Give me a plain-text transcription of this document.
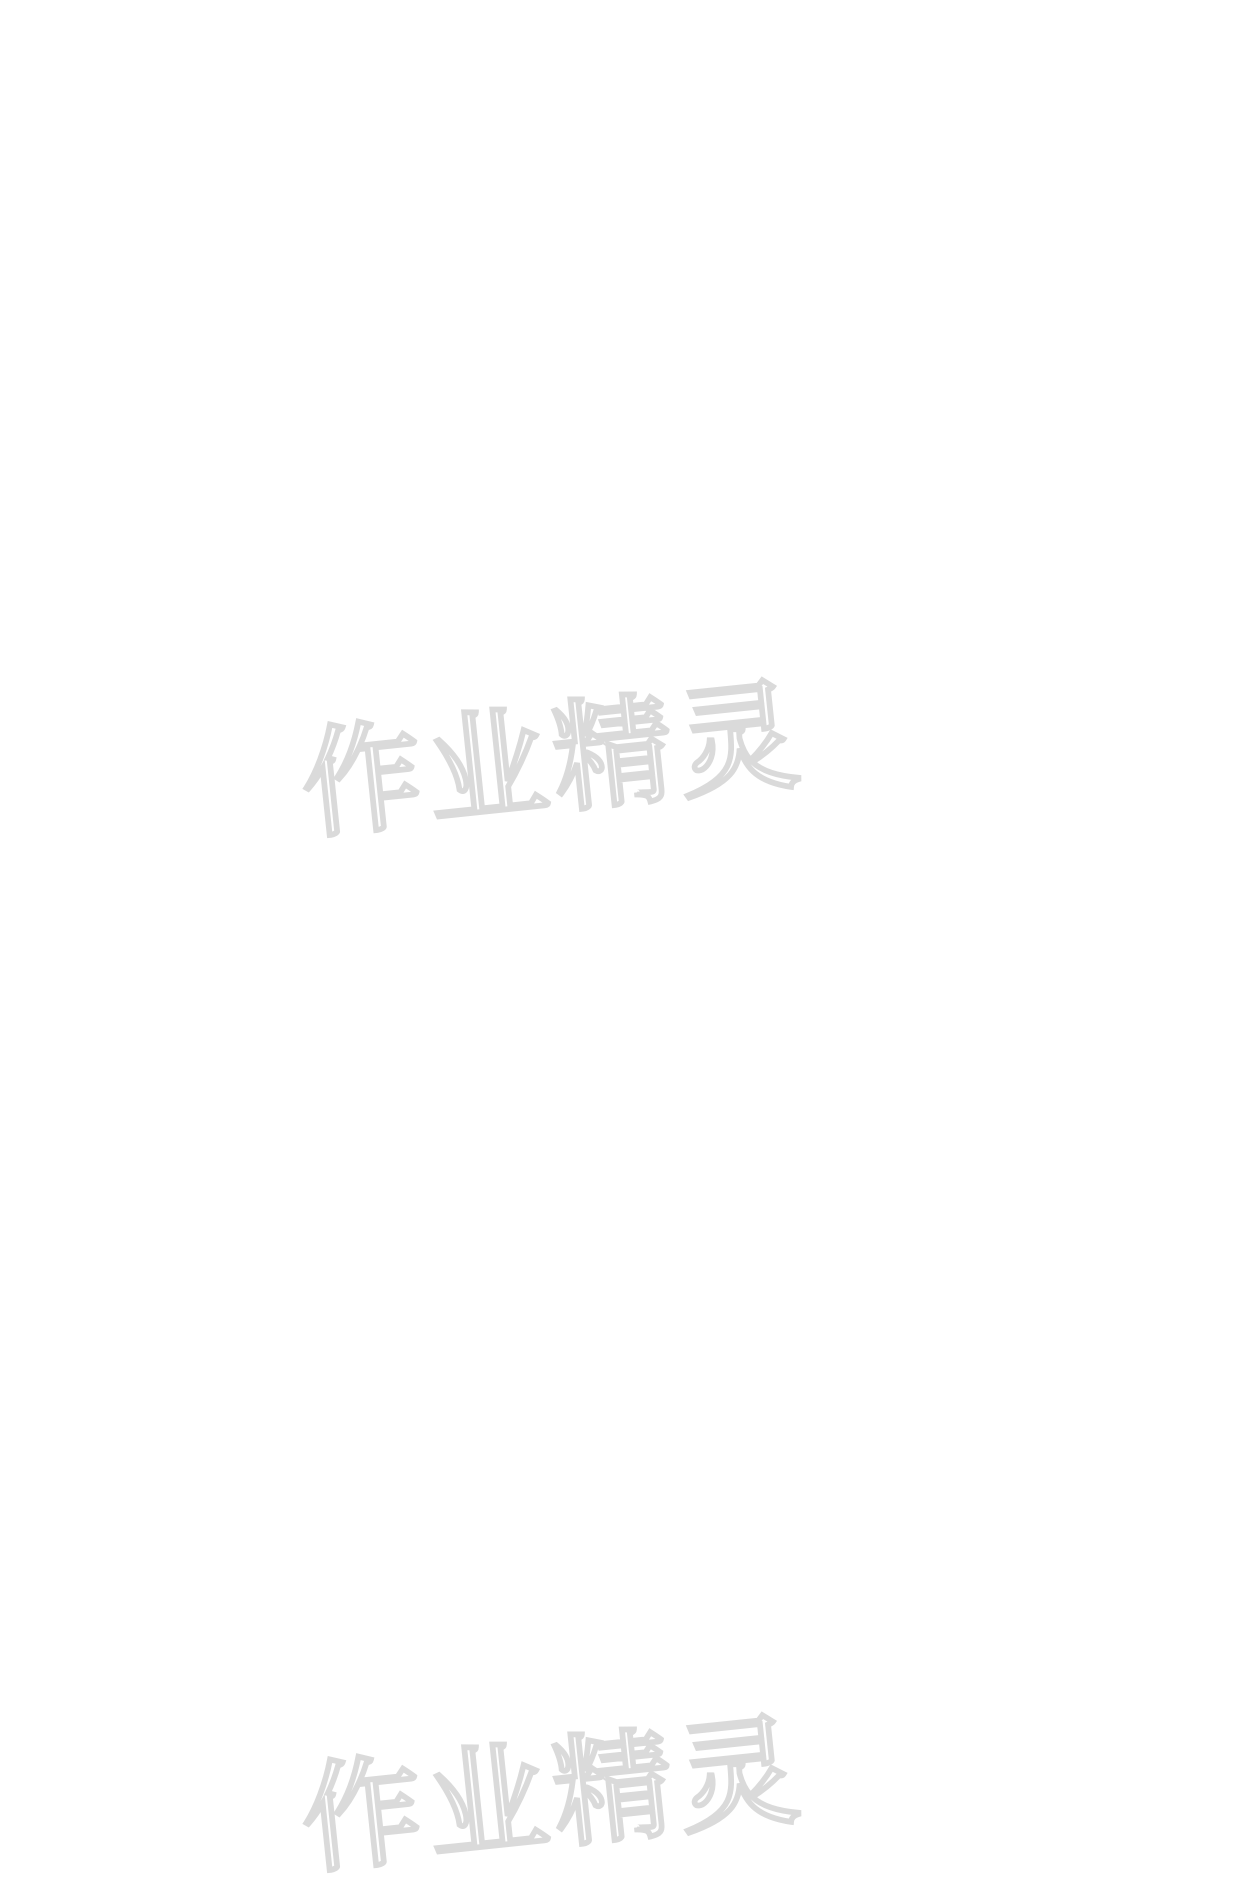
作业精灵
作业精灵
